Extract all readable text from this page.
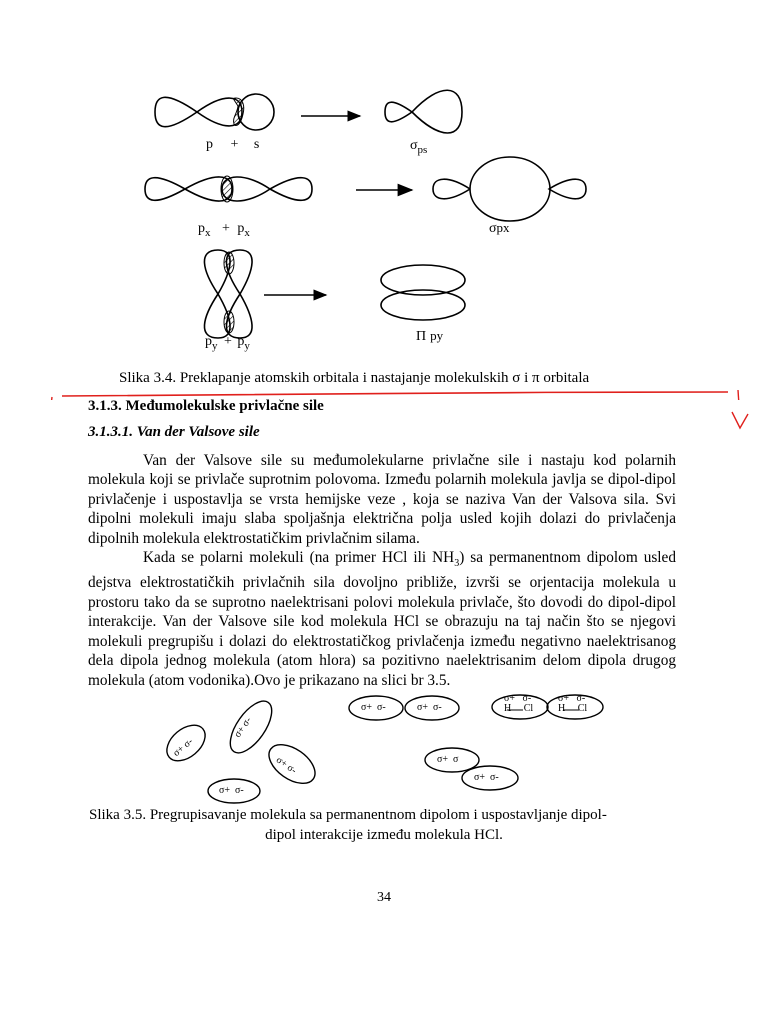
p + s	$\sigma_{ps}$
$p_x + p_x$	σpx
$p_y + p_y$
Π py
Slika 3.4. Preklapanje atomskih orbitala i nastajanje molekulskih σ i π orbitala
3.1.3. Međumolekulske privlačne sile
3.1.3.1. Van der Valsove sile

Van der Valsove sile su međumolekularne privlačne sile i nastaju kod polarnih molekula koji se privlače suprotnim polovoma. Između polarnih molekula javlja se dipol-dipol privlačenje i uspostavlja se vrsta hemijske veze , koja se naziva Van der Valsova sila. Svi dipolni molekuli imaju slaba spoljašnja električna polja usled kojih dolazi do privlačenja dipolnih molekula elektrostatičkim privlačnim silama.

Kada se polarni molekuli (na primer HCl ili $NH_3$) sa permanentnom dipolom usled dejstva elektrostatičkih privlačnih sila dovoljno približe, izvrši se orjentacija molekula u prostoru tako da se suprotno naelektrisani polovi molekula privlače, što dovodi do dipol-dipol interakcije. Van der Valsove sile kod molekula HCl se obrazuju na taj način što se njegovi molekuli pregrupišu i dolazi do elektrostatičkog privlačenja između negativno naelektrisanog dela dipola jednog molekula (atom hlora) sa pozitivno naelektrisanim delom dipola drugog molekula (atom vodonika).Ovo je prikazano na slici br 3.5.

σ+ σ-
σ+ σ-
σ+ σ-
σ+ σ-
σ+ σ-	σ+ σ-
σ+ σ-
H Cl
σ+ σ-
H Cl
σ+ σ
σ+ σ-
Slika 3.5. Pregrupisavanje molekula sa permanentnom dipolom i uspostavljanje dipol-
dipol interakcije između molekula HCl.
34
